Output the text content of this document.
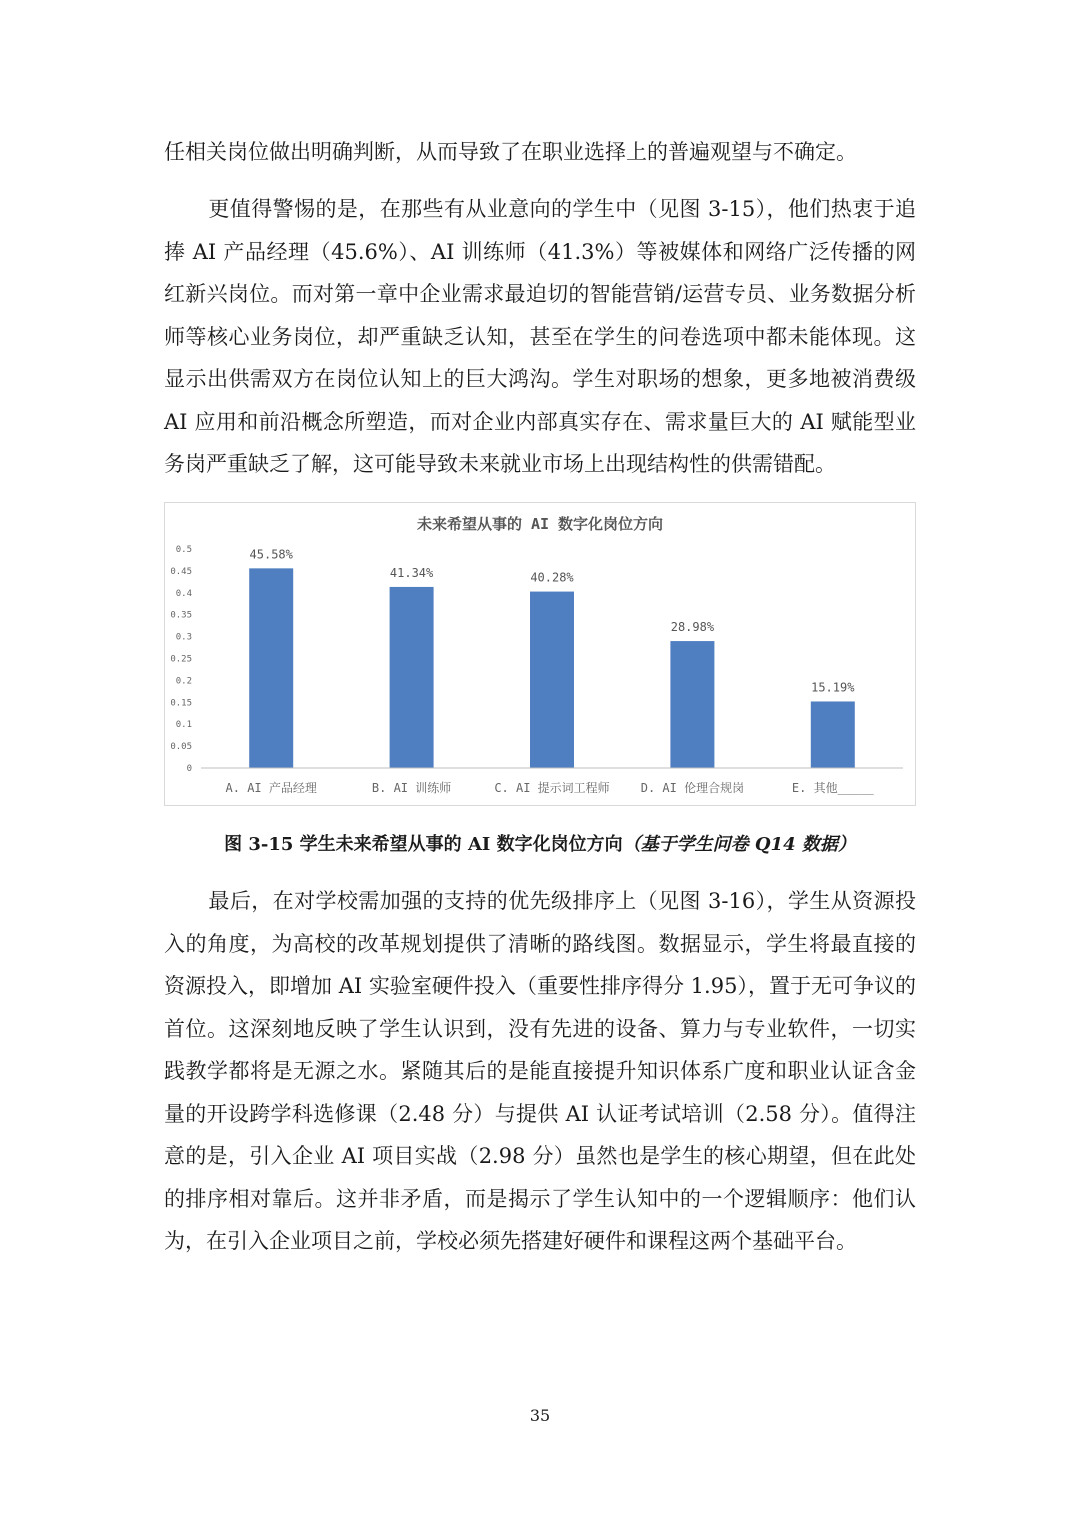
任相关岗位做出明确判断，从而导致了在职业选择上的普遍观望与不确定。

更值得警惕的是，在那些有从业意向的学生中（见图 3-15），他们热衷于追捧 AI 产品经理（45.6%）、AI 训练师（41.3%）等被媒体和网络广泛传播的网红新兴岗位。而对第一章中企业需求最迫切的智能营销/运营专员、业务数据分析师等核心业务岗位，却严重缺乏认知，甚至在学生的问卷选项中都未能体现。这显示出供需双方在岗位认知上的巨大鸿沟。学生对职场的想象，更多地被消费级 AI 应用和前沿概念所塑造，而对企业内部真实存在、需求量巨大的 AI 赋能型业务岗严重缺乏了解，这可能导致未来就业市场上出现结构性的供需错配。

未来希望从事的 AI 数字化岗位方向
0
0.05
0.1
0.15
0.2
0.25
0.3
0.35
0.4
0.45
0.5	45.58%
41.34%	40.28%
28.98%
15.19%
A. AI 产品经理	B. AI 训练师	C. AI 提示词工程师	D. AI 伦理合规岗	E. 其他_____
图 3-15 学生未来希望从事的 AI 数字化岗位方向（基于学生问卷 Q14 数据）

最后，在对学校需加强的支持的优先级排序上（见图 3-16），学生从资源投入的角度，为高校的改革规划提供了清晰的路线图。数据显示，学生将最直接的资源投入，即增加 AI 实验室硬件投入（重要性排序得分 1.95），置于无可争议的首位。这深刻地反映了学生认识到，没有先进的设备、算力与专业软件，一切实践教学都将是无源之水。紧随其后的是能直接提升知识体系广度和职业认证含金量的开设跨学科选修课（2.48 分）与提供 AI 认证考试培训（2.58 分）。值得注意的是，引入企业 AI 项目实战（2.98 分）虽然也是学生的核心期望，但在此处的排序相对靠后。这并非矛盾，而是揭示了学生认知中的一个逻辑顺序：他们认为，在引入企业项目之前，学校必须先搭建好硬件和课程这两个基础平台。

35
